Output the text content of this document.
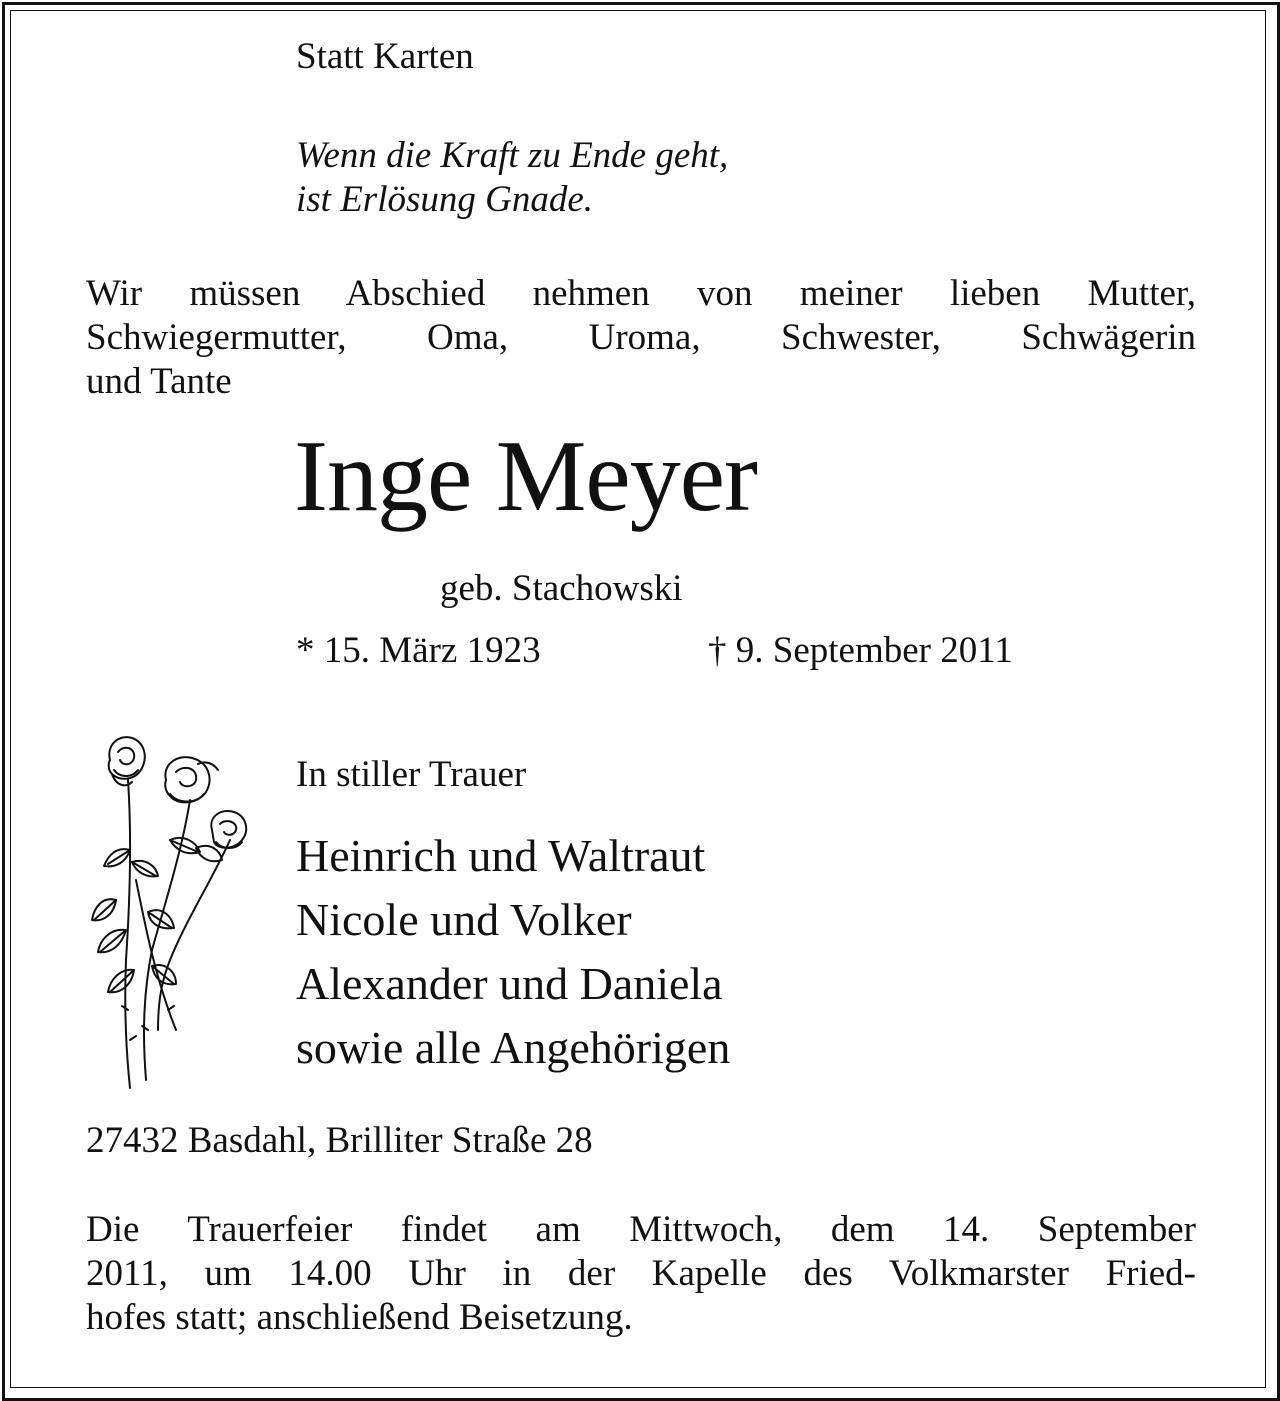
Statt Karten
Wenn die Kraft zu Ende geht,
ist Erlösung Gnade.
Wir müssen Abschied nehmen von meiner lieben Mutter,
Schwiegermutter, Oma, Uroma, Schwester, Schwägerin
und Tante
Inge Meyer
geb. Stachowski
* 15. März 1923	† 9. September 2011
In stiller Trauer
Heinrich und Waltraut
Nicole und Volker
Alexander und Daniela
sowie alle Angehörigen
27432 Basdahl, Brilliter Straße 28
Die Trauerfeier findet am Mittwoch, dem 14. September
2011, um 14.00 Uhr in der Kapelle des Volkmarster Fried-
hofes statt; anschließend Beisetzung.
